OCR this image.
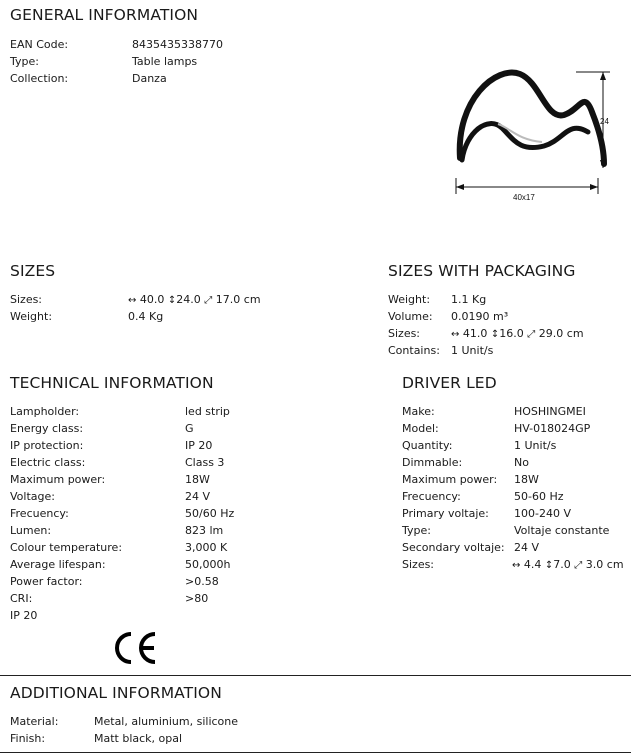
GENERAL INFORMATION
EAN Code:	8435435338770
Type:	Table lamps
Collection:	Danza
24
40x17
SIZES
Sizes:	↔ 40.0 ↕24.0 ⤢ 17.0 cm
Weight:	0.4 Kg
SIZES WITH PACKAGING
Weight: 1.1 Kg
Volume: 0.0190 m³
Sizes:	↔ 41.0 ↕16.0 ⤢ 29.0 cm
Contains: 1 Unit/s
TECHNICAL INFORMATION
Lampholder:	led strip
Energy class:	G
IP protection:	IP 20
Electric class:	Class 3
Maximum power:	18W
Voltage:	24 V
Frecuency:	50/60 Hz
Lumen:	823 lm
Colour temperature:	3,000 K
Average lifespan:	50,000h
Power factor:	>0.58
CRI:	>80
IP 20
DRIVER LED
Make:	HOSHINGMEI
Model:	HV-018024GP
Quantity:	1 Unit/s
Dimmable:	No
Maximum power: 18W
Frecuency:	50-60 Hz
Primary voltaje: 100-240 V
Type:	Voltaje constante
Secondary voltaje: 24 V
Sizes:	↔ 4.4 ↕7.0 ⤢ 3.0 cm
ADDITIONAL INFORMATION
Material:	Metal, aluminium, silicone
Finish:	Matt black, opal
